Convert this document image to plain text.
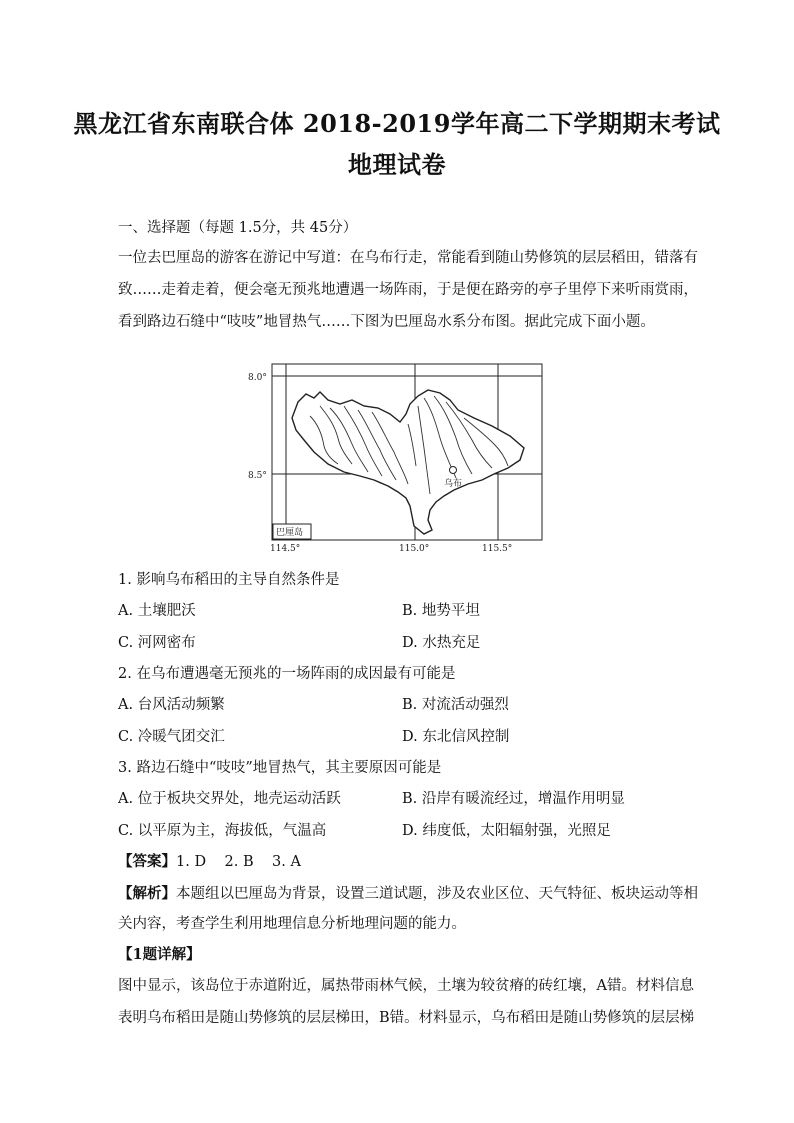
黑龙江省东南联合体 2018-2019学年高二下学期期末考试
地理试卷
一、选择题（每题 1.5分，共 45分）
一位去巴厘岛的游客在游记中写道：在乌布行走，常能看到随山势修筑的层层稻田，错落有
致……走着走着，便会毫无预兆地遭遇一场阵雨，于是便在路旁的亭子里停下来听雨赏雨，
看到路边石缝中“吱吱”地冒热气……下图为巴厘岛水系分布图。据此完成下面小题。
乌布
8.0°
8.5°
114.5°	115.0°	115.5°
巴厘岛
1. 影响乌布稻田的主导自然条件是
A. 土壤肥沃	B. 地势平坦
C. 河网密布	D. 水热充足
2. 在乌布遭遇毫无预兆的一场阵雨的成因最有可能是
A. 台风活动频繁	B. 对流活动强烈
C. 冷暖气团交汇	D. 东北信风控制
3. 路边石缝中“吱吱”地冒热气，其主要原因可能是
A. 位于板块交界处，地壳运动活跃	B. 沿岸有暖流经过，增温作用明显
C. 以平原为主，海拔低，气温高	D. 纬度低，太阳辐射强，光照足
【答案】1. D    2. B    3. A
【解析】本题组以巴厘岛为背景，设置三道试题，涉及农业区位、天气特征、板块运动等相
关内容，考查学生利用地理信息分析地理问题的能力。
【1题详解】
图中显示，该岛位于赤道附近，属热带雨林气候，土壤为较贫瘠的砖红壤，A错。材料信息
表明乌布稻田是随山势修筑的层层梯田，B错。材料显示，乌布稻田是随山势修筑的层层梯
